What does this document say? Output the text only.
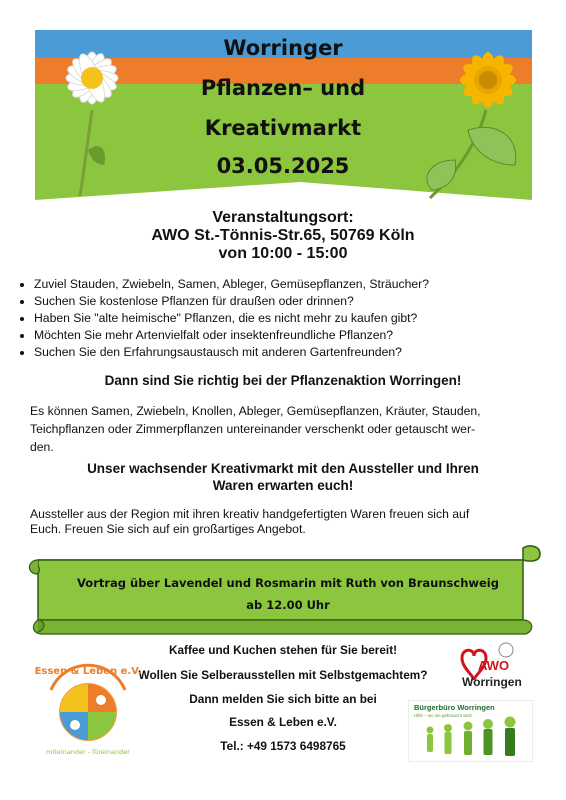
Worringer
Pflanzen– und
Kreativmarkt
03.05.2025
Veranstaltungsort:
AWO St.-Tönnis-Str.65, 50769 Köln
von 10:00 - 15:00
• Zuviel Stauden, Zwiebeln, Samen, Ableger, Gemüsepflanzen, Sträucher?
• Suchen Sie kostenlose Pflanzen für draußen oder drinnen?
• Haben Sie "alte heimische" Pflanzen, die es nicht mehr zu kaufen gibt?
• Möchten Sie mehr Artenvielfalt oder insektenfreundliche Pflanzen?
• Suchen Sie den Erfahrungsaustausch mit anderen Gartenfreunden?
Dann sind Sie richtig bei der Pflanzenaktion Worringen!
Es können Samen, Zwiebeln, Knollen, Ableger, Gemüsepflanzen, Kräuter, Stauden,
Teichpflanzen oder Zimmerpflanzen untereinander verschenkt oder getauscht wer-
den.
Unser wachsender Kreativmarkt mit den Aussteller und Ihren
Waren erwarten euch!
Aussteller aus der Region mit ihren kreativ handgefertigten Waren freuen sich auf
Euch. Freuen Sie sich auf ein großartiges Angebot.
Vortrag über Lavendel und Rosmarin mit Ruth von Braunschweig
ab 12.00 Uhr
Kaffee und Kuchen stehen für Sie bereit!
Wollen Sie Selberausstellen mit Selbstgemachtem?
Dann melden Sie sich bitte an bei
Essen & Leben e.V.
Tel.: +49 1573 6498765
Essen & Leben e.V.
miteinander - füreinander
AWO
Worringen
Bürgerbüro Worringen
Hilfe – wo sie gebraucht wird.
